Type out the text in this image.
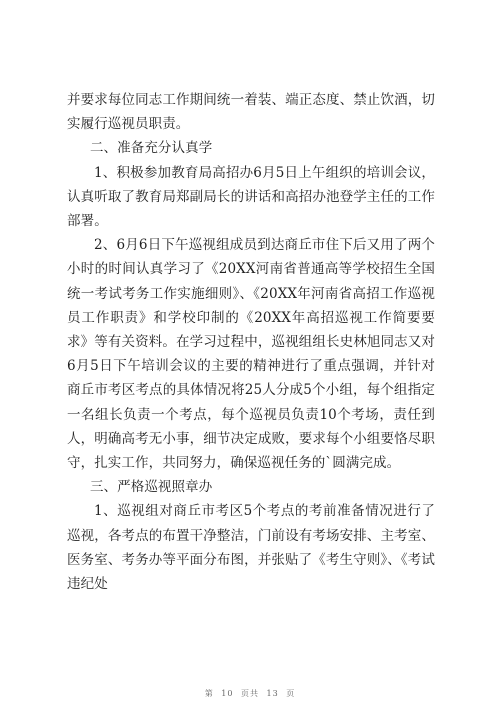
并要求每位同志工作期间统一着装、端正态度、禁止饮酒，切实履行巡视员职责。

二、准备充分认真学

1、积极参加教育局高招办6月5日上午组织的培训会议，认真听取了教育局郑副局长的讲话和高招办池登学主任的工作部署。

2、6月6日下午巡视组成员到达商丘市住下后又用了两个小时的时间认真学习了《20XX河南省普通高等学校招生全国统一考试考务工作实施细则》、《20XX年河南省高招工作巡视员工作职责》和学校印制的《20XX年高招巡视工作简要要求》等有关资料。在学习过程中，巡视组组长史林旭同志又对6月5日下午培训会议的主要的精神进行了重点强调，并针对商丘市考区考点的具体情况将25人分成5个小组，每个组指定一名组长负责一个考点，每个巡视员负责10个考场，责任到人，明确高考无小事，细节决定成败，要求每个小组要恪尽职守，扎实工作，共同努力，确保巡视任务的`圆满完成。

三、严格巡视照章办

1、巡视组对商丘市考区5个考点的考前准备情况进行了巡视，各考点的布置干净整洁，门前设有考场安排、主考室、医务室、考务办等平面分布图，并张贴了《考生守则》、《考试违纪处

第 10 页共 13 页
